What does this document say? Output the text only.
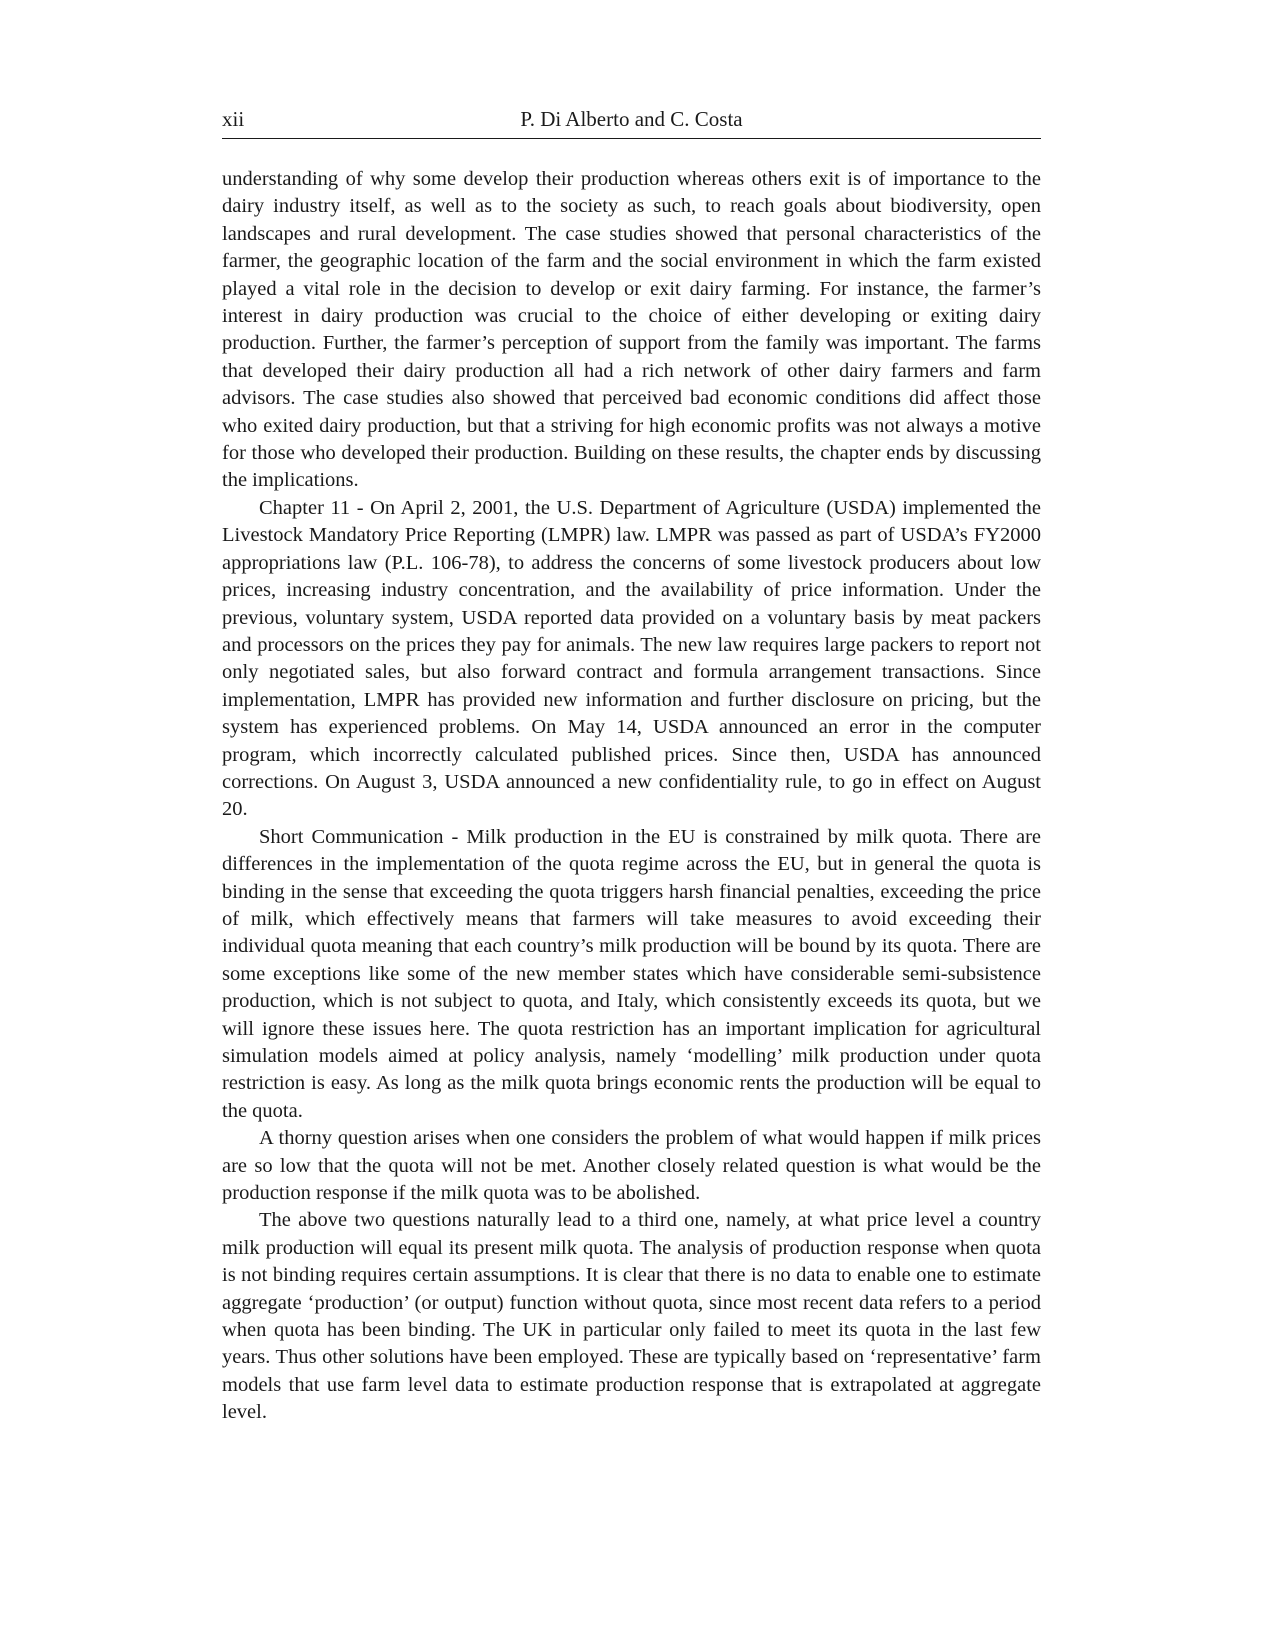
xii	P. Di Alberto and C. Costa

understanding of why some develop their production whereas others exit is of importance to the dairy industry itself, as well as to the society as such, to reach goals about biodiversity, open landscapes and rural development. The case studies showed that personal characteristics of the farmer, the geographic location of the farm and the social environment in which the farm existed played a vital role in the decision to develop or exit dairy farming. For instance, the farmer’s interest in dairy production was crucial to the choice of either developing or exiting dairy production. Further, the farmer’s perception of support from the family was important. The farms that developed their dairy production all had a rich network of other dairy farmers and farm advisors. The case studies also showed that perceived bad economic conditions did affect those who exited dairy production, but that a striving for high economic profits was not always a motive for those who developed their production. Building on these results, the chapter ends by discussing the implications.

Chapter 11 - On April 2, 2001, the U.S. Department of Agriculture (USDA) implemented the Livestock Mandatory Price Reporting (LMPR) law. LMPR was passed as part of USDA’s FY2000 appropriations law (P.L. 106-78), to address the concerns of some livestock producers about low prices, increasing industry concentration, and the availability of price information. Under the previous, voluntary system, USDA reported data provided on a voluntary basis by meat packers and processors on the prices they pay for animals. The new law requires large packers to report not only negotiated sales, but also forward contract and formula arrangement transactions. Since implementation, LMPR has provided new information and further disclosure on pricing, but the system has experienced problems. On May 14, USDA announced an error in the computer program, which incorrectly calculated published prices. Since then, USDA has announced corrections. On August 3, USDA announced a new confidentiality rule, to go in effect on August 20.

Short Communication - Milk production in the EU is constrained by milk quota. There are differences in the implementation of the quota regime across the EU, but in general the quota is binding in the sense that exceeding the quota triggers harsh financial penalties, exceeding the price of milk, which effectively means that farmers will take measures to avoid exceeding their individual quota meaning that each country’s milk production will be bound by its quota. There are some exceptions like some of the new member states which have considerable semi-subsistence production, which is not subject to quota, and Italy, which consistently exceeds its quota, but we will ignore these issues here. The quota restriction has an important implication for agricultural simulation models aimed at policy analysis, namely ‘modelling’ milk production under quota restriction is easy. As long as the milk quota brings economic rents the production will be equal to the quota.

A thorny question arises when one considers the problem of what would happen if milk prices are so low that the quota will not be met. Another closely related question is what would be the production response if the milk quota was to be abolished.

The above two questions naturally lead to a third one, namely, at what price level a country milk production will equal its present milk quota. The analysis of production response when quota is not binding requires certain assumptions. It is clear that there is no data to enable one to estimate aggregate ‘production’ (or output) function without quota, since most recent data refers to a period when quota has been binding. The UK in particular only failed to meet its quota in the last few years. Thus other solutions have been employed. These are typically based on ‘representative’ farm models that use farm level data to estimate production response that is extrapolated at aggregate level.
